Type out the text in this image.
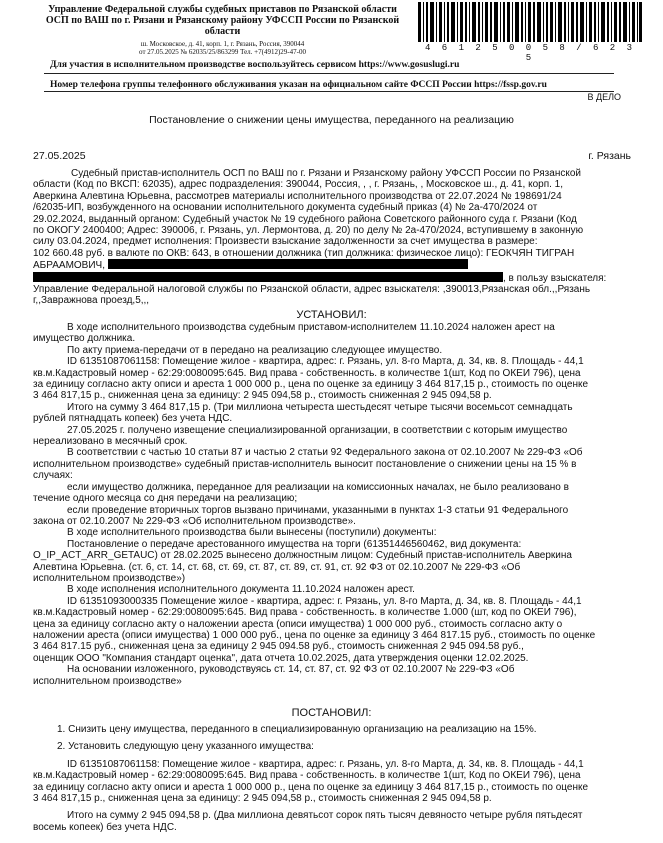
Управление Федеральной службы судебных приставов по Рязанской области
ОСП по ВАШ по г. Рязани и Рязанскому району УФССП России по Рязанской
области
ш. Московское, д. 41, корп. 1, г. Рязань, Россия, 390044
от 27.05.2025 № 62035/25/863299 Тел. +7(4912)29-47-00	4 6 1 2 5 0 0 5 8 / 6 2 3 5
Для участия в исполнительном производстве воспользуйтесь сервисом https://www.gosuslugi.ru
Номер телефона группы телефонного обслуживания указан на официальном сайте ФССП России https://fssp.gov.ru
В ДЕЛО
Постановление о снижении цены имущества, переданного на реализацию
27.05.2025	г. Рязань
Судебный пристав-исполнитель ОСП по ВАШ по г. Рязани и Рязанскому району УФССП России по Рязанской
области (Код по ВКСП: 62035), адрес подразделения: 390044, Россия, , , г. Рязань, , Московское ш., д. 41, корп. 1,
Аверкина Алевтина Юрьевна, рассмотрев материалы исполнительного производства от 22.07.2024 № 198691/24
/62035-ИП, возбужденного на основании исполнительного документа судебный приказ (4) № 2а-470/2024 от
29.02.2024, выданный органом: Судебный участок № 19 судебного района Советского районного суда г. Рязани (Код
по ОКОГУ 2400400; Адрес: 390006, г. Рязань, ул. Лермонтова, д. 20) по делу № 2а-470/2024, вступившему в законную
силу 03.04.2024, предмет исполнения: Произвести взыскание задолженности за счет имущества в размере:
102 660.48 руб. в валюте по ОКВ: 643, в отношении должника (тип должника: физическое лицо): ГЕОКЧЯН ТИГРАН
АБРААМОВИЧ,
, в пользу взыскателя:
Управление Федеральной налоговой службы по Рязанской области, адрес взыскателя: ,390013,Рязанская обл.,,Рязань
г,,Завражнова проезд,5,,,
УСТАНОВИЛ:
В ходе исполнительного производства судебным приставом-исполнителем 11.10.2024 наложен арест на
имущество должника.
По акту приема-передачи от в передано на реализацию следующее имущество.
ID 61351087061158: Помещение жилое - квартира, адрес: г. Рязань, ул. 8-го Марта, д. 34, кв. 8. Площадь - 44,1
кв.м.Кадастровый номер - 62:29:0080095:645. Вид права - собственность. в количестве 1(шт, Код по ОКЕИ 796), цена
за единицу согласно акту описи и ареста 1 000 000 р., цена по оценке за единицу 3 464 817,15 р., стоимость по оценке
3 464 817,15 р., сниженная цена за единицу: 2 945 094,58 р., стоимость сниженная 2 945 094,58 р.
Итого на сумму 3 464 817,15 р. (Три миллиона четыреста шестьдесят четыре тысячи восемьсот семнадцать
рублей пятнадцать копеек) без учета НДС.
27.05.2025 г. получено извещение специализированной организации, в соответствии с которым имущество
нереализовано в месячный срок.
В соответствии с частью 10 статьи 87 и частью 2 статьи 92 Федерального закона от 02.10.2007 № 229-ФЗ «Об
исполнительном производстве» судебный пристав-исполнитель выносит постановление о снижении цены на 15 % в
случаях:
если имущество должника, переданное для реализации на комиссионных началах, не было реализовано в
течение одного месяца со дня передачи на реализацию;
если проведение вторичных торгов вызвано причинами, указанными в пунктах 1-3 статьи 91 Федерального
закона от 02.10.2007 № 229-ФЗ «Об исполнительном производстве».
В ходе исполнительного производства были вынесены (поступили) документы:
Постановление о передаче арестованного имущества на торги (61351446560462, вид документа:
O_IP_ACT_ARR_GETAUC) от 28.02.2025 вынесено должностным лицом: Судебный пристав-исполнитель Аверкина
Алевтина Юрьевна. (ст. 6, ст. 14, ст. 68, ст. 69, ст. 87, ст. 89, ст. 91, ст. 92 ФЗ от 02.10.2007 № 229-ФЗ «Об
исполнительном производстве»)
В ходе исполнения исполнительного документа 11.10.2024 наложен арест.
ID 61351093000335 Помещение жилое - квартира, адрес: г. Рязань, ул. 8-го Марта, д. 34, кв. 8. Площадь - 44,1
кв.м.Кадастровый номер - 62:29:0080095:645. Вид права - собственность. в количестве 1.000 (шт, код по ОКЕИ 796),
цена за единицу согласно акту о наложении ареста (описи имущества) 1 000 000 руб., стоимость согласно акту о
наложении ареста (описи имущества) 1 000 000 руб., цена по оценке за единицу 3 464 817.15 руб., стоимость по оценке
3 464 817.15 руб., сниженная цена за единицу 2 945 094.58 руб., стоимость сниженная 2 945 094.58 руб.,
оценщик ООО "Компания стандарт оценка", дата отчета 10.02.2025, дата утверждения оценки 12.02.2025.
На основании изложенного, руководствуясь ст. 14, ст. 87, ст. 92 ФЗ от 02.10.2007 № 229-ФЗ «Об
исполнительном производстве»
ПОСТАНОВИЛ:
1. Снизить цену имущества, переданного в специализированную организацию на реализацию на 15%.
2. Установить следующую цену указанного имущества:
ID 61351087061158: Помещение жилое - квартира, адрес: г. Рязань, ул. 8-го Марта, д. 34, кв. 8. Площадь - 44,1
кв.м.Кадастровый номер - 62:29:0080095:645. Вид права - собственность. в количестве 1(шт, Код по ОКЕИ 796), цена
за единицу согласно акту описи и ареста 1 000 000 р., цена по оценке за единицу 3 464 817,15 р., стоимость по оценке
3 464 817,15 р., сниженная цена за единицу: 2 945 094,58 р., стоимость сниженная 2 945 094,58 р.
Итого на сумму 2 945 094,58 р. (Два миллиона девятьсот сорок пять тысяч девяносто четыре рубля пятьдесят
восемь копеек) без учета НДС.
